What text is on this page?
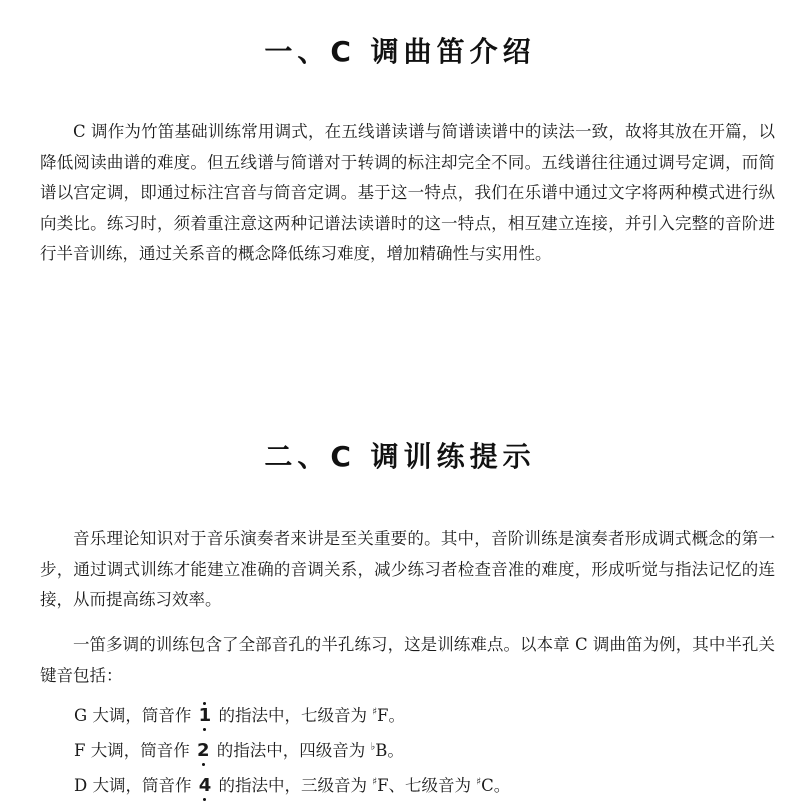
一、C 调曲笛介绍

C 调作为竹笛基础训练常用调式，在五线谱读谱与简谱读谱中的读法一致，故将其放在开篇，以降低阅读曲谱的难度。但五线谱与简谱对于转调的标注却完全不同。五线谱往往通过调号定调，而简谱以宫定调，即通过标注宫音与筒音定调。基于这一特点，我们在乐谱中通过文字将两种模式进行纵向类比。练习时，须着重注意这两种记谱法读谱时的这一特点，相互建立连接，并引入完整的音阶进行半音训练，通过关系音的概念降低练习难度，增加精确性与实用性。

二、C 调训练提示

音乐理论知识对于音乐演奏者来讲是至关重要的。其中，音阶训练是演奏者形成调式概念的第一步，通过调式训练才能建立准确的音调关系，减少练习者检查音准的难度，形成听觉与指法记忆的连接，从而提高练习效率。

一笛多调的训练包含了全部音孔的半孔练习，这是训练难点。以本章 C 调曲笛为例，其中半孔关键音包括：

G 大调，筒音作 1
的指法中，七级音为 ♯F。
F 大调，筒音作 2
的指法中，四级音为 ♭B。
D 大调，筒音作 4
的指法中，三级音为 ♯F、七级音为 ♯C。
